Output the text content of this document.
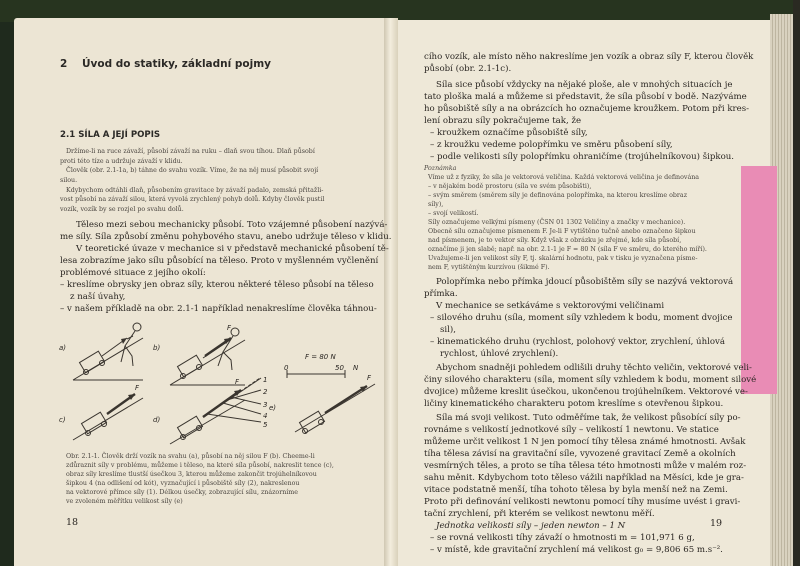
2 Úvod do statiky, základní pojmy
2.1 SÍLA A JEJÍ POPIS
Držíme-li na ruce závaží, působí závaží na ruku – dlaň svou tíhou. Dlaň působí
proti této tíze a udržuje závaží v klidu.
Člověk (obr. 2.1-1a, b) táhne do svahu vozík. Víme, že na něj musí působit svojí
silou.
Kdybychom odtáhli dlaň, působením gravitace by závaží padalo, zemská přitažli-
vost působí na závaží silou, která vyvolá zrychlený pohyb dolů. Kdyby člověk pustil
vozík, vozík by se rozjel po svahu dolů.
Těleso mezi sebou mechanicky působí. Toto vzájemné působení nazývá-
me síly. Síla způsobí změnu pohybového stavu, anebo udržuje těleso v klidu.
V teoretické úvaze v mechanice si v představě mechanické působení tě-
lesa zobrazíme jako sílu působící na těleso. Proto v myšlenném vyčlenění
problémové situace z jejího okolí:
– kreslíme obrysky jen obraz síly, kterou některé těleso působí na těleso
z naší úvahy,
– v našem příkladě na obr. 2.1-1 například nenakreslíme člověka táhnou-
a)	b)
c)	d)
e)
F
F
F	1
2
3
4
5
F = 80 N
0	50 N
F
Obr. 2.1-1. Člověk drží vozík na svahu (a), působí na něj silou F (b). Cheeme-li
zdůraznit síly v problému, můžeme i těleso, na které síla působí, nakreslit tence (c),
obraz síly kreslíme tlustší úsečkou 3, kterou můžeme zakončit trojúhelníkovou
šipkou 4 (na odlišení od kót), vyznačující i působiště síly (2), nakreslenou
na vektorové přímce síly (1). Délkou úsečky, zobrazující sílu, znázorníme
ve zvoleném měřítku velikost síly (e)
18
cího vozík, ale místo něho nakreslíme jen vozík a obraz síly F, kterou člověk
působí (obr. 2.1-1c).
Síla sice působí vždycky na nějaké ploše, ale v mnohých situacích je
tato ploška malá a můžeme si představit, že síla působí v bodě. Nazýváme
ho působiště síly a na obrázcích ho označujeme kroužkem. Potom při kres-
lení obrazu síly pokračujeme tak, že
– kroužkem označíme působiště síly,
– z kroužku vedeme polopřímku ve směru působení síly,
– podle velikosti síly polopřímku ohraničíme (trojúhelníkovou) šipkou.
Poznámka
Víme už z fyziky, že síla je vektorová veličina. Každá vektorová veličina je definována
– v nějakém bodě prostoru (síla ve svém působišti),
– svým směrem (směrem síly je definována polopřímka, na kterou kreslíme obraz
síly),
– svojí velikostí.
Síly označujeme velkými písmeny (ČSN 01 1302 Veličiny a značky v mechanice).
Obecně sílu označujeme písmenem F. Je-li F vytištěno tučně anebo označeno šipkou
nad písmenem, je to vektor síly. Když však z obrázku je zřejmé, kde síla působí,
označíme ji jen slabě; např. na obr. 2.1-1 je F = 80 N (síla F ve směru, do kterého míří).
Uvažujeme-li jen velikost síly F, tj. skalární hodnotu, pak v tisku je vyznačena písme-
nem F, vytištěným kurzívou (šikmé F).
Polopřímka nebo přímka jdoucí působištěm síly se nazývá vektorová
přímka.
V mechanice se setkáváme s vektorovými veličinami
– silového druhu (síla, moment síly vzhledem k bodu, moment dvojice
sil),
– kinematického druhu (rychlost, polohový vektor, zrychlení, úhlová
rychlost, úhlové zrychlení).
Abychom snadněji pohledem odlišili druhy těchto veličin, vektorové veli-
činy silového charakteru (síla, moment síly vzhledem k bodu, moment silové
dvojice) můžeme kreslit úsečkou, ukončenou trojúhelníkem. Vektorové ve-
ličiny kinematického charakteru potom kreslíme s otevřenou šipkou.
Síla má svoji velikost. Tuto odměříme tak, že velikost působící síly po-
rovnáme s velikostí jednotkové síly – velikostí 1 newtonu. Ve statice
můžeme určit velikost 1 N jen pomocí tíhy tělesa známé hmotnosti. Avšak
tíha tělesa závisí na gravitační síle, vyvozené gravitací Země a okolních
vesmírných těles, a proto se tíha tělesa této hmotnosti může v malém roz-
sahu měnit. Kdybychom toto těleso vážili například na Měsíci, kde je gra-
vitace podstatně menší, tíha tohoto tělesa by byla menší než na Zemi.
Proto při definování velikosti newtonu pomocí tíhy musíme uvést i gravi-
tační zrychlení, při kterém se velikost newtonu měří.
Jednotka velikosti síly – jeden newton – 1 N
– se rovná velikosti tíhy závaží o hmotnosti m = 101,971 6 g,
– v místě, kde gravitační zrychlení má velikost g₀ = 9,806 65 m.s⁻².
19
